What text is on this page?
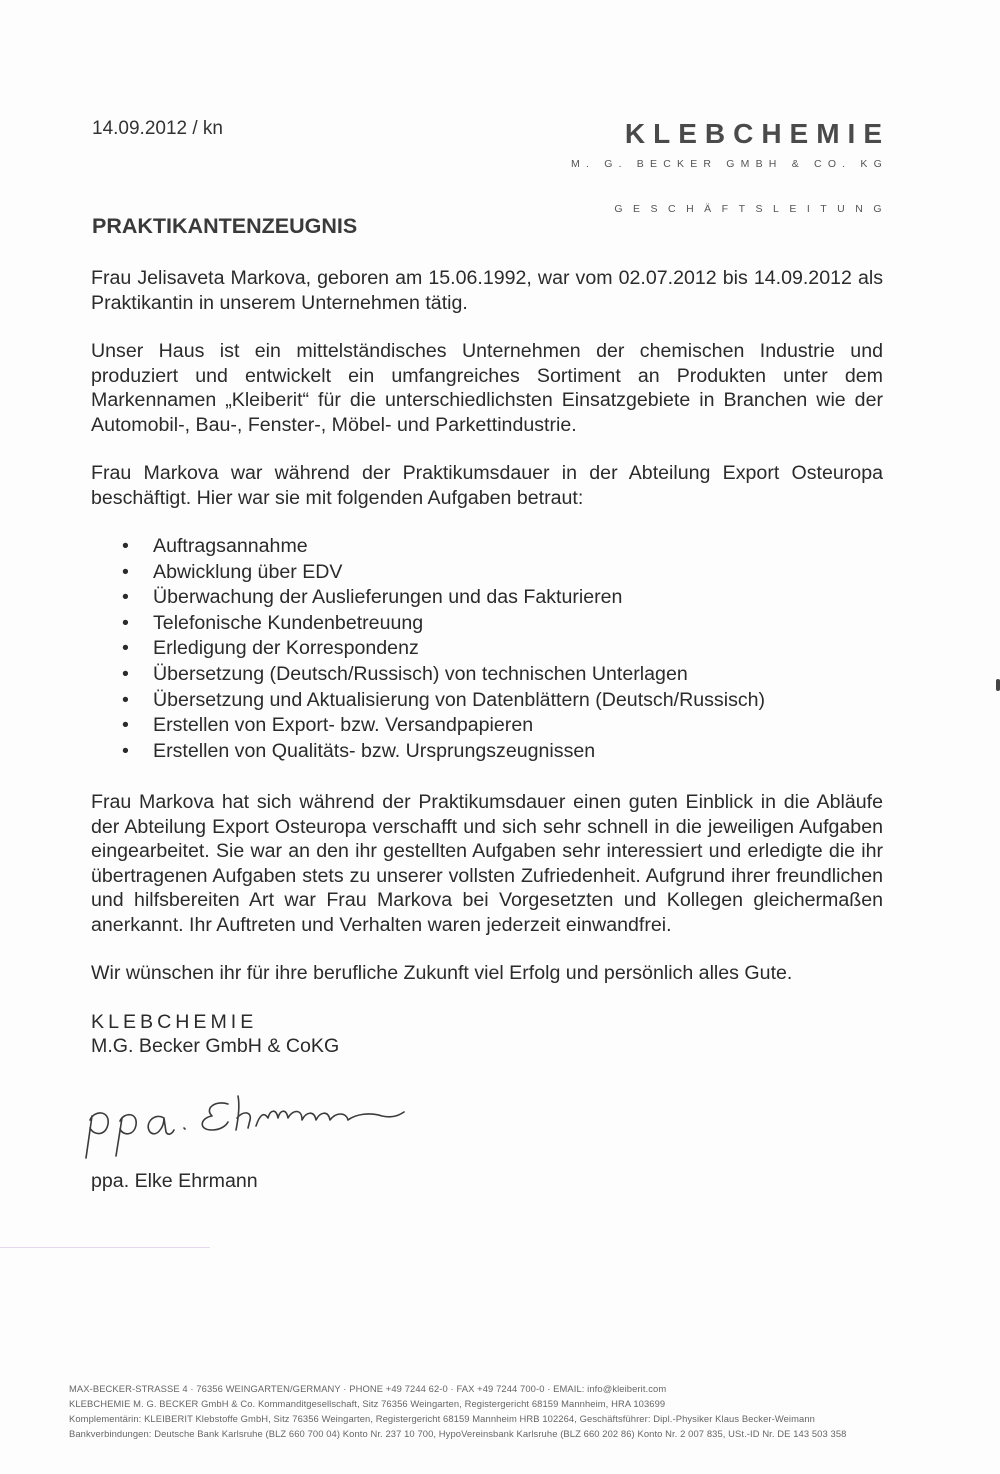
14.09.2012 / kn	KLEBCHEMIE
M. G. BECKER GMBH & CO. KG
GESCHÄFTSLEITUNG
PRAKTIKANTENZEUGNIS

Frau Jelisaveta Markova, geboren am 15.06.1992, war vom 02.07.2012 bis 14.09.2012 als Praktikantin in unserem Unternehmen tätig.

Unser Haus ist ein mittelständisches Unternehmen der chemischen Industrie und produziert und entwickelt ein umfangreiches Sortiment an Produkten unter dem Markennamen „Kleiberit“ für die unterschiedlichsten Einsatzgebiete in Branchen wie der Automobil-, Bau-, Fenster-, Möbel- und Parkettindustrie.

Frau Markova war während der Praktikumsdauer in der Abteilung Export Osteuropa beschäftigt. Hier war sie mit folgenden Aufgaben betraut:

• Auftragsannahme
• Abwicklung über EDV
• Überwachung der Auslieferungen und das Fakturieren
• Telefonische Kundenbetreuung
• Erledigung der Korrespondenz
• Übersetzung (Deutsch/Russisch) von technischen Unterlagen
• Übersetzung und Aktualisierung von Datenblättern (Deutsch/Russisch)
• Erstellen von Export- bzw. Versandpapieren
• Erstellen von Qualitäts- bzw. Ursprungszeugnissen

Frau Markova hat sich während der Praktikumsdauer einen guten Einblick in die Abläufe der Abteilung Export Osteuropa verschafft und sich sehr schnell in die jeweiligen Aufgaben eingearbeitet. Sie war an den ihr gestellten Aufgaben sehr interessiert und erledigte die ihr übertragenen Aufgaben stets zu unserer vollsten Zufriedenheit. Aufgrund ihrer freundlichen und hilfsbereiten Art war Frau Markova bei Vorgesetzten und Kollegen gleichermaßen anerkannt. Ihr Auftreten und Verhalten waren jederzeit einwandfrei.

Wir wünschen ihr für ihre berufliche Zukunft viel Erfolg und persönlich alles Gute.

KLEBCHEMIE
M.G. Becker GmbH & CoKG
ppa. Elke Ehrmann
MAX-BECKER-STRASSE 4 · 76356 WEINGARTEN/GERMANY · PHONE +49 7244 62-0 · FAX +49 7244 700-0 · EMAIL: info@kleiberit.com
KLEBCHEMIE M. G. BECKER GmbH & Co. Kommanditgesellschaft, Sitz 76356 Weingarten, Registergericht 68159 Mannheim, HRA 103699
Komplementärin: KLEIBERIT Klebstoffe GmbH, Sitz 76356 Weingarten, Registergericht 68159 Mannheim HRB 102264, Geschäftsführer: Dipl.-Physiker Klaus Becker-Weimann
Bankverbindungen: Deutsche Bank Karlsruhe (BLZ 660 700 04) Konto Nr. 237 10 700, HypoVereinsbank Karlsruhe (BLZ 660 202 86) Konto Nr. 2 007 835, USt.-ID Nr. DE 143 503 358
